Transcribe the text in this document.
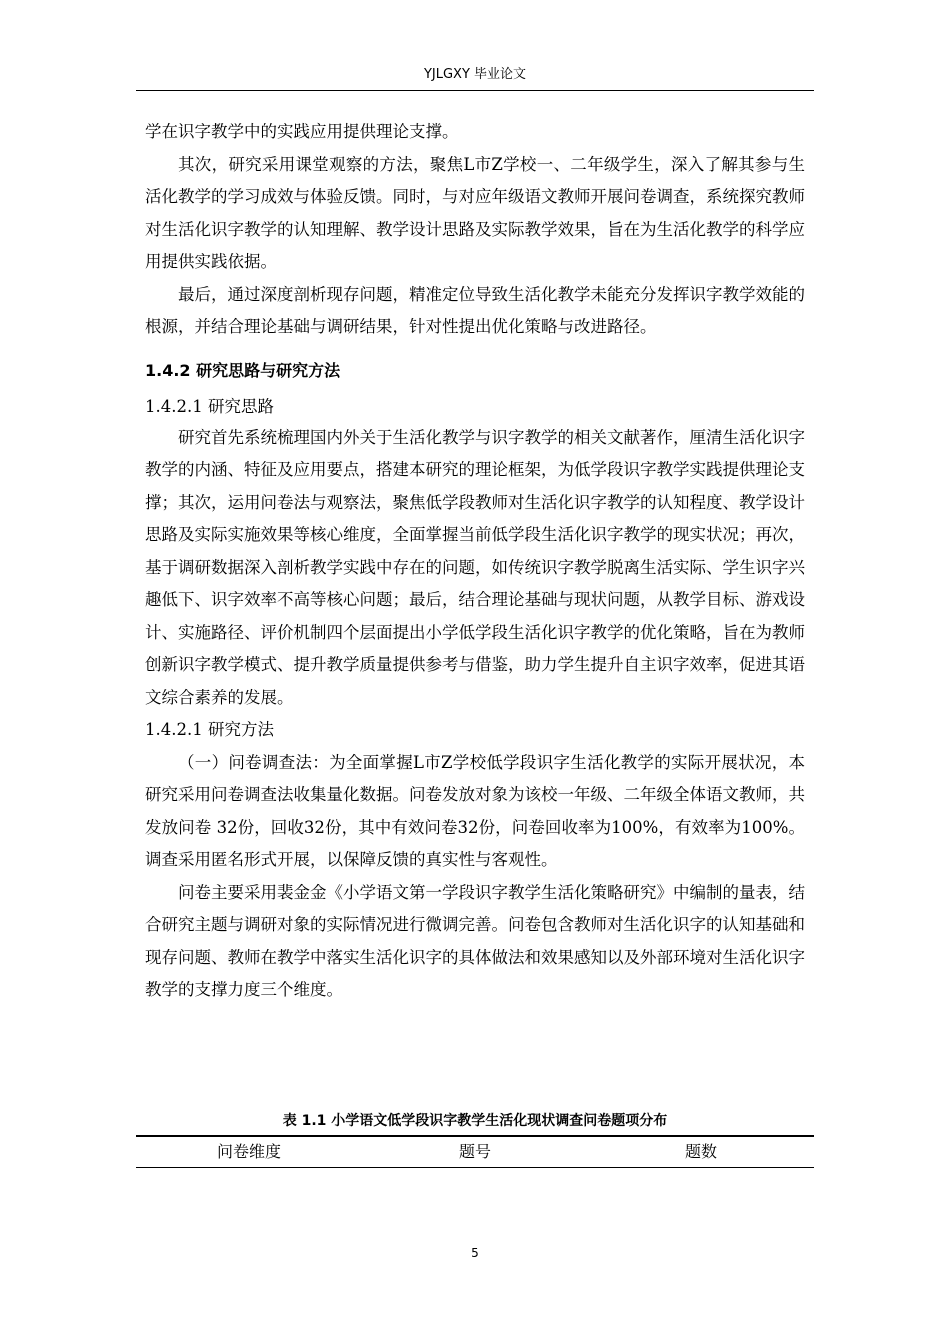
YJLGXY 毕业论文

学在识字教学中的实践应用提供理论支撑。

其次，研究采用课堂观察的方法，聚焦L市Z学校一、二年级学生，深入了解其参与生活化教学的学习成效与体验反馈。同时，与对应年级语文教师开展问卷调查，系统探究教师对生活化识字教学的认知理解、教学设计思路及实际教学效果，旨在为生活化教学的科学应用提供实践依据。

最后，通过深度剖析现存问题，精准定位导致生活化教学未能充分发挥识字教学效能的根源，并结合理论基础与调研结果，针对性提出优化策略与改进路径。

1.4.2 研究思路与研究方法
1.4.2.1 研究思路

研究首先系统梳理国内外关于生活化教学与识字教学的相关文献著作，厘清生活化识字教学的内涵、特征及应用要点，搭建本研究的理论框架，为低学段识字教学实践提供理论支撑；其次，运用问卷法与观察法，聚焦低学段教师对生活化识字教学的认知程度、教学设计思路及实际实施效果等核心维度，全面掌握当前低学段生活化识字教学的现实状况；再次，基于调研数据深入剖析教学实践中存在的问题，如传统识字教学脱离生活实际、学生识字兴趣低下、识字效率不高等核心问题；最后，结合理论基础与现状问题，从教学目标、游戏设计、实施路径、评价机制四个层面提出小学低学段生活化识字教学的优化策略，旨在为教师创新识字教学模式、提升教学质量提供参考与借鉴，助力学生提升自主识字效率，促进其语文综合素养的发展。

1.4.2.1 研究方法

（一）问卷调查法：为全面掌握L市Z学校低学段识字生活化教学的实际开展状况，本研究采用问卷调查法收集量化数据。问卷发放对象为该校一年级、二年级全体语文教师，共发放问卷 32份，回收32份，其中有效问卷32份，问卷回收率为100%，有效率为100%。调查采用匿名形式开展，以保障反馈的真实性与客观性。

问卷主要采用裴金金《小学语文第一学段识字教学生活化策略研究》中编制的量表，结合研究主题与调研对象的实际情况进行微调完善。问卷包含教师对生活化识字的认知基础和现存问题、教师在教学中落实生活化识字的具体做法和效果感知以及外部环境对生活化识字教学的支撑力度三个维度。

表 1.1 小学语文低学段识字教学生活化现状调查问卷题项分布
问卷维度	题号	题数
5
